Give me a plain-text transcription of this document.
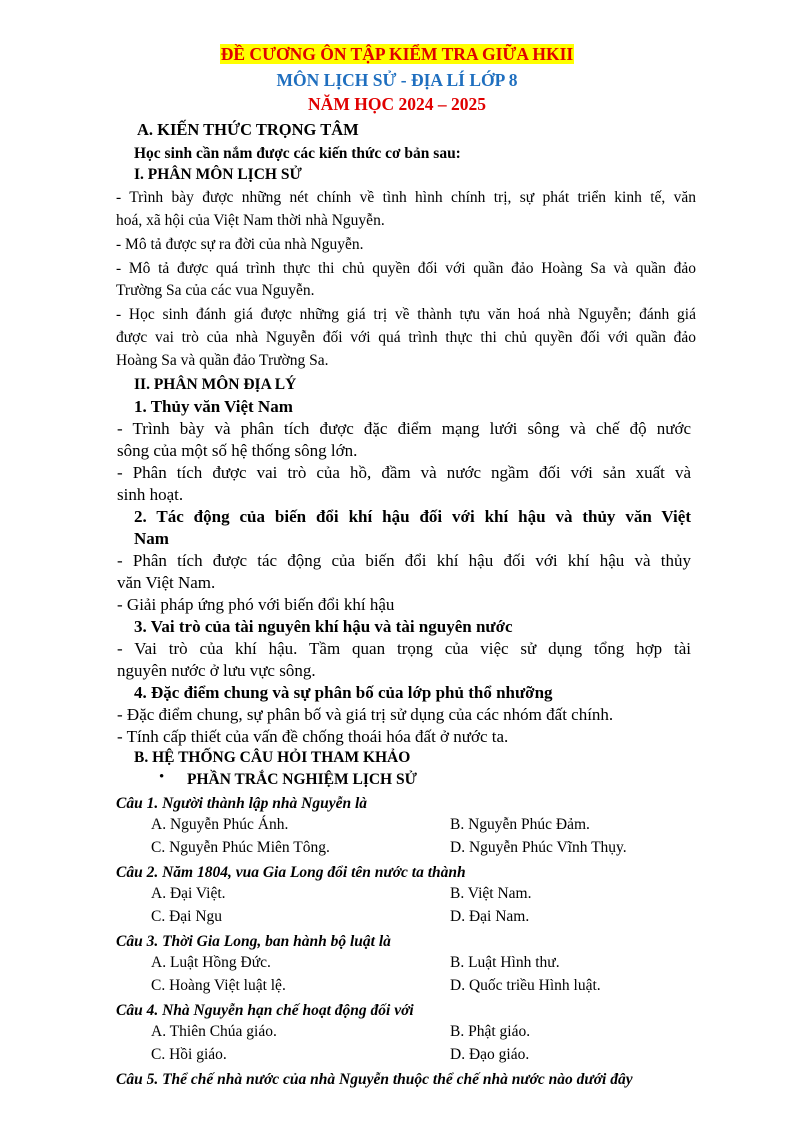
ĐỀ CƯƠNG ÔN TẬP KIỂM TRA GIỮA HKII
MÔN LỊCH SỬ - ĐỊA LÍ LỚP 8
NĂM HỌC 2024 – 2025
A. KIẾN THỨC TRỌNG TÂM
Học sinh cần nắm được các kiến thức cơ bản sau:
I. PHÂN MÔN LỊCH SỬ
- Trình bày được những nét chính về tình hình chính trị, sự phát triển kinh tế, văn
hoá, xã hội của Việt Nam thời nhà Nguyễn.
- Mô tả được sự ra đời của nhà Nguyễn.
- Mô tả được quá trình thực thi chủ quyền đối với quần đảo Hoàng Sa và quần đảo
Trường Sa của các vua Nguyễn.
- Học sinh đánh giá được những giá trị về thành tựu văn hoá nhà Nguyễn; đánh giá
được vai trò của nhà Nguyễn đối với quá trình thực thi chủ quyền đối với quần đảo
Hoàng Sa và quần đảo Trường Sa.
II. PHÂN MÔN ĐỊA LÝ
1. Thủy văn Việt Nam
- Trình bày và phân tích được đặc điểm mạng lưới sông và chế độ nước
sông của một số hệ thống sông lớn.
- Phân tích được vai trò của hồ, đầm và nước ngầm đối với sản xuất và
sinh hoạt.
2. Tác động của biến đổi khí hậu đối với khí hậu và thủy văn Việt
Nam
- Phân tích được tác động của biến đổi khí hậu đối với khí hậu và thủy
văn Việt Nam.
- Giải pháp ứng phó với biến đổi khí hậu
3. Vai trò của tài nguyên khí hậu và tài nguyên nước
- Vai trò của khí hậu. Tầm quan trọng của việc sử dụng tổng hợp tài
nguyên nước ở lưu vực sông.
4. Đặc điểm chung và sự phân bố của lớp phủ thổ nhưỡng
- Đặc điểm chung, sự phân bố và giá trị sử dụng của các nhóm đất chính.
- Tính cấp thiết của vấn đề chống thoái hóa đất ở nước ta.
B. HỆ THỐNG CÂU HỎI THAM KHẢO
• PHẦN TRẮC NGHIỆM LỊCH SỬ
Câu 1. Người thành lập nhà Nguyễn là
A. Nguyễn Phúc Ánh.	B. Nguyễn Phúc Đảm.
C. Nguyễn Phúc Miên Tông.	D. Nguyễn Phúc Vĩnh Thụy.
Câu 2. Năm 1804, vua Gia Long đổi tên nước ta thành
A. Đại Việt.	B. Việt Nam.
C. Đại Ngu	D. Đại Nam.
Câu 3. Thời Gia Long, ban hành bộ luật là
A. Luật Hồng Đức.	B. Luật Hình thư.
C. Hoàng Việt luật lệ.	D. Quốc triều Hình luật.
Câu 4. Nhà Nguyễn hạn chế hoạt động đối với
A. Thiên Chúa giáo.	B. Phật giáo.
C. Hồi giáo.	D. Đạo giáo.
Câu 5. Thể chế nhà nước của nhà Nguyễn thuộc thể chế nhà nước nào dưới đây
